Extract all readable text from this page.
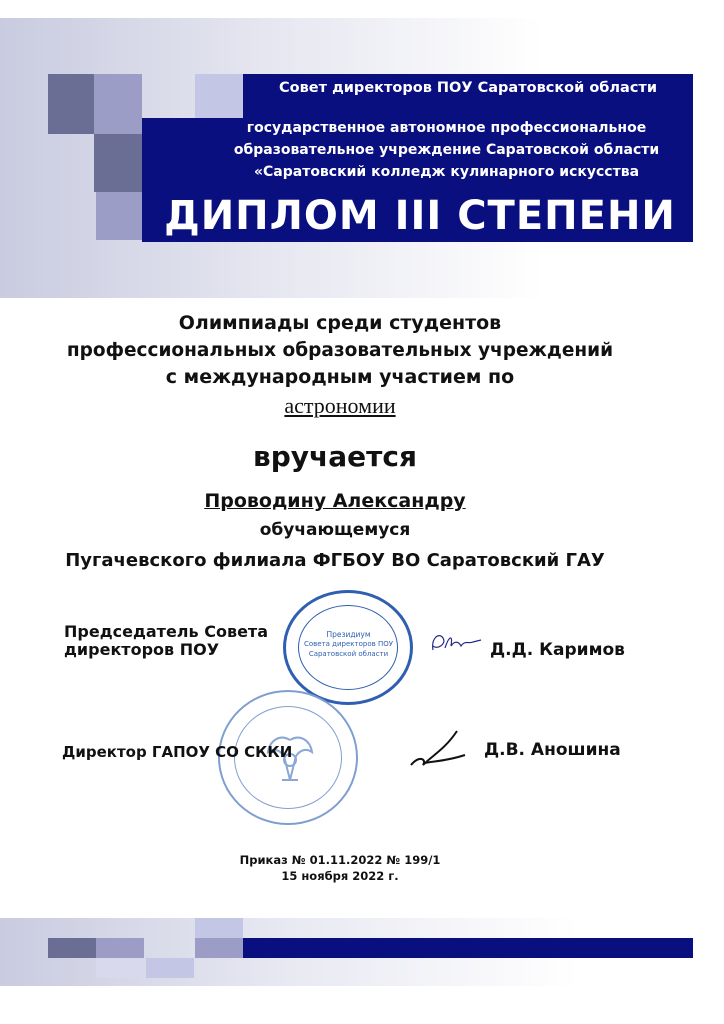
Совет директоров ПОУ Саратовской области
государственное автономное профессиональное
образовательное учреждение Саратовской области
«Саратовский колледж кулинарного искусства
ДИПЛОМ III СТЕПЕНИ
Олимпиады среди студентов
профессиональных образовательных учреждений
с международным участием по
астрономии
вручается
Проводину Александру
обучающемуся
Пугачевского филиала ФГБОУ ВО Саратовский ГАУ
Президиум
Совета директоров ПОУ
Саратовской области
Председатель Совета
директоров ПОУ	Д.Д. Каримов
Директор ГАПОУ СО СККИ	Д.В. Аношина
Приказ № 01.11.2022 № 199/1
15 ноября 2022 г.
